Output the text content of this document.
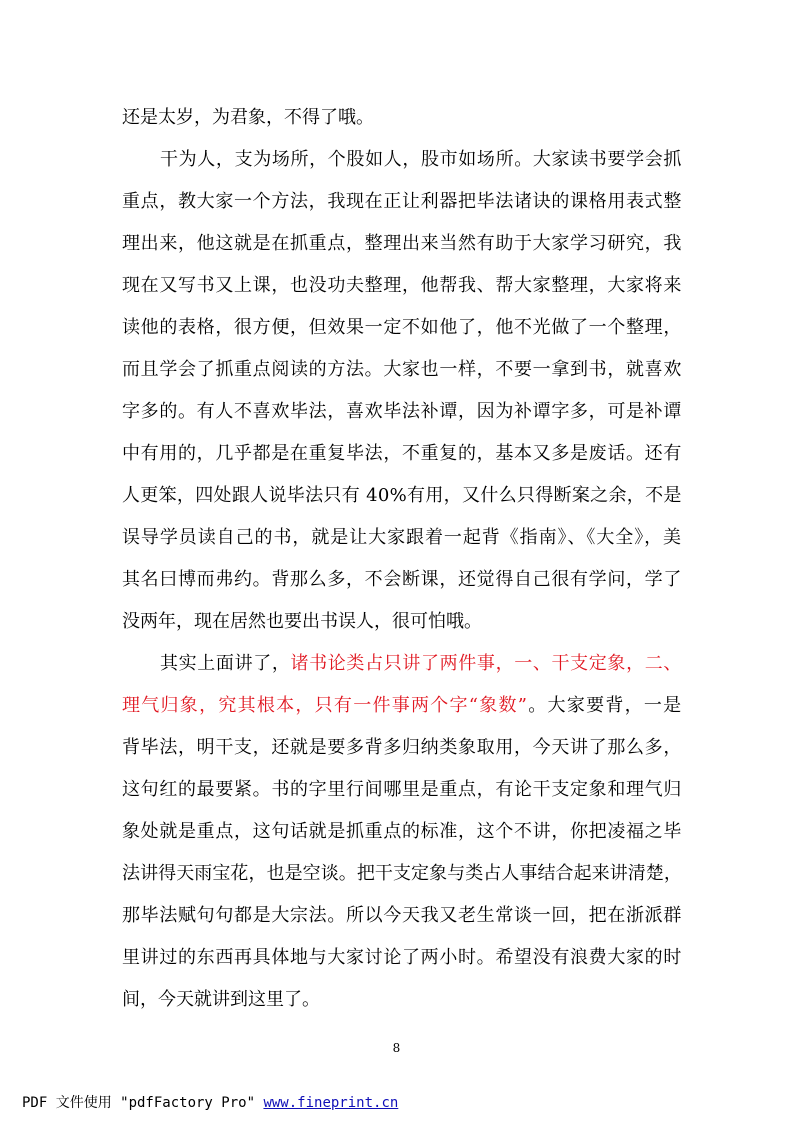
还是太岁，为君象，不得了哦。
干为人，支为场所，个股如人，股市如场所。大家读书要学会抓
重点，教大家一个方法，我现在正让利器把毕法诸诀的课格用表式整
理出来，他这就是在抓重点，整理出来当然有助于大家学习研究，我
现在又写书又上课，也没功夫整理，他帮我、帮大家整理，大家将来
读他的表格，很方便，但效果一定不如他了，他不光做了一个整理，
而且学会了抓重点阅读的方法。大家也一样，不要一拿到书，就喜欢
字多的。有人不喜欢毕法，喜欢毕法补谭，因为补谭字多，可是补谭
中有用的，几乎都是在重复毕法，不重复的，基本又多是废话。还有
人更笨，四处跟人说毕法只有 40%有用，又什么只得断案之余，不是
误导学员读自己的书，就是让大家跟着一起背《指南》、《大全》，美
其名曰博而弗约。背那么多，不会断课，还觉得自己很有学问，学了
没两年，现在居然也要出书误人，很可怕哦。
其实上面讲了，诸书论类占只讲了两件事，一、干支定象，二、
理气归象，究其根本，只有一件事两个字“象数”。大家要背，一是
背毕法，明干支，还就是要多背多归纳类象取用，今天讲了那么多，
这句红的最要紧。书的字里行间哪里是重点，有论干支定象和理气归
象处就是重点，这句话就是抓重点的标准，这个不讲，你把凌福之毕
法讲得天雨宝花，也是空谈。把干支定象与类占人事结合起来讲清楚，
那毕法赋句句都是大宗法。所以今天我又老生常谈一回，把在浙派群
里讲过的东西再具体地与大家讨论了两小时。希望没有浪费大家的时
间，今天就讲到这里了。
8
PDF 文件使用 "pdfFactory Pro" www.fineprint.cn
